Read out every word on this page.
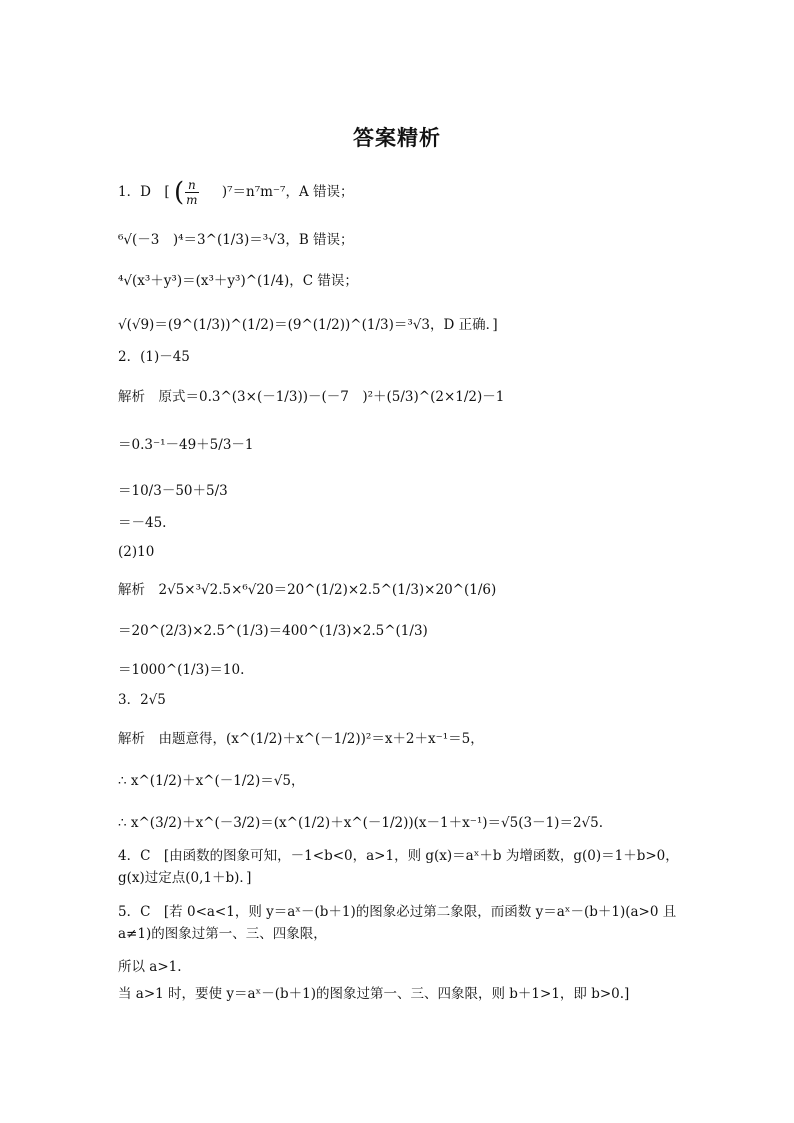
答案精析
1．D　[ ( $\frac{n}{m} )^7=n^7m^{-7}$，A 错误；
⁶√(－3　)⁴＝3^(1/3)＝³√3，B 错误；
⁴√(x³＋y³)＝(x³＋y³)^(1/4)，C 错误；
√(√9)＝(9^(1/3))^(1/2)＝(9^(1/2))^(1/3)＝³√3，D 正确．]
2．(1)－45
解析　原式＝0.3^(3×(－1/3))－(－7　)²＋(5/3)^(2×1/2)－1
＝0.3⁻¹－49＋5/3－1
＝10/3－50＋5/3
＝－45.
(2)10
解析　2√5×³√2.5×⁶√20＝20^(1/2)×2.5^(1/3)×20^(1/6)
＝20^(2/3)×2.5^(1/3)＝400^(1/3)×2.5^(1/3)
＝1000^(1/3)＝10.
3．2√5
解析　由题意得，(x^(1/2)＋x^(－1/2))²＝x＋2＋x⁻¹＝5，
∴ x^(1/2)＋x^(－1/2)＝√5，
∴ x^(3/2)＋x^(－3/2)＝(x^(1/2)＋x^(－1/2))(x－1＋x⁻¹)＝√5(3－1)＝2√5.
4．C　[由函数的图象可知，－1<b<0，a>1，则 g(x)＝aˣ＋b 为增函数，g(0)＝1＋b>0，g(x)过定点(0,1＋b)．]
5．C　[若 0<a<1，则 y＝aˣ－(b＋1)的图象必过第二象限，而函数 y＝aˣ－(b＋1)(a>0 且 a≠1)的图象过第一、三、四象限，
所以 a>1.
当 a>1 时，要使 y＝aˣ－(b＋1)的图象过第一、三、四象限，则 b＋1>1，即 b>0.]
